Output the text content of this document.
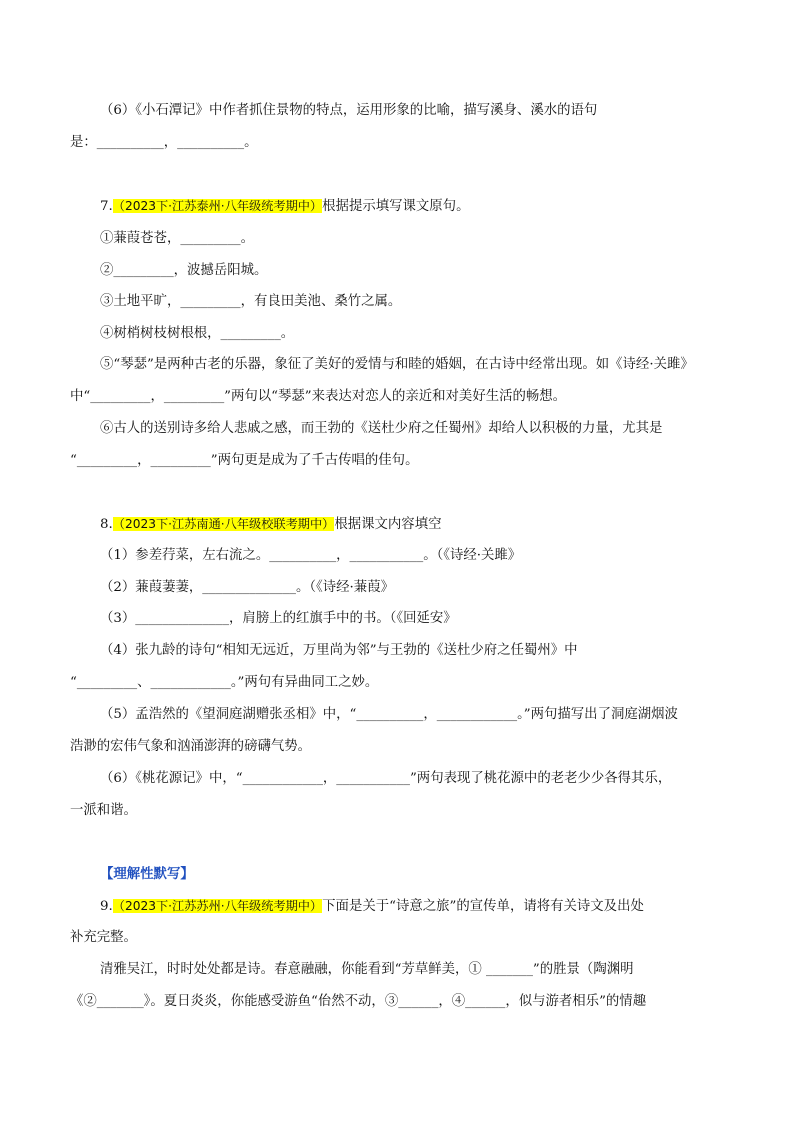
（6）《小石潭记》中作者抓住景物的特点，运用形象的比喻，描写溪身、溪水的语句
是：__________，__________。
7.（2023下·江苏泰州·八年级统考期中）根据提示填写课文原句。
①蒹葭苍苍，_________。
②_________，波撼岳阳城。
③土地平旷，_________，有良田美池、桑竹之属。
④树梢树枝树根根，_________。
⑤“琴瑟”是两种古老的乐器，象征了美好的爱情与和睦的婚姻，在古诗中经常出现。如《诗经·关雎》
中“_________，_________”两句以“琴瑟”来表达对恋人的亲近和对美好生活的畅想。
⑥古人的送别诗多给人悲戚之感，而王勃的《送杜少府之任蜀州》却给人以积极的力量，尤其是
“_________，_________”两句更是成为了千古传唱的佳句。
8.（2023下·江苏南通·八年级校联考期中）根据课文内容填空
（1）参差荇菜，左右流之。__________，___________。（《诗经·关雎》
（2）蒹葭萋萋，______________。（《诗经·蒹葭》
（3）______________，肩膀上的红旗手中的书。（《回延安》
（4）张九龄的诗句“相知无远近，万里尚为邻”与王勃的《送杜少府之任蜀州》中
“_________、____________。”两句有异曲同工之妙。
（5）孟浩然的《望洞庭湖赠张丞相》中，“__________，____________。”两句描写出了洞庭湖烟波
浩渺的宏伟气象和汹涌澎湃的磅礴气势。
（6）《桃花源记》中，“____________，___________”两句表现了桃花源中的老老少少各得其乐，
一派和谐。
【理解性默写】
9.（2023下·江苏苏州·八年级统考期中）下面是关于“诗意之旅”的宣传单，请将有关诗文及出处
补充完整。
清雅吴江，时时处处都是诗。春意融融，你能看到“芳草鲜美，① _______”的胜景（陶渊明
《②_______》。夏日炎炎，你能感受游鱼“佁然不动，③______，④______，似与游者相乐”的情趣
